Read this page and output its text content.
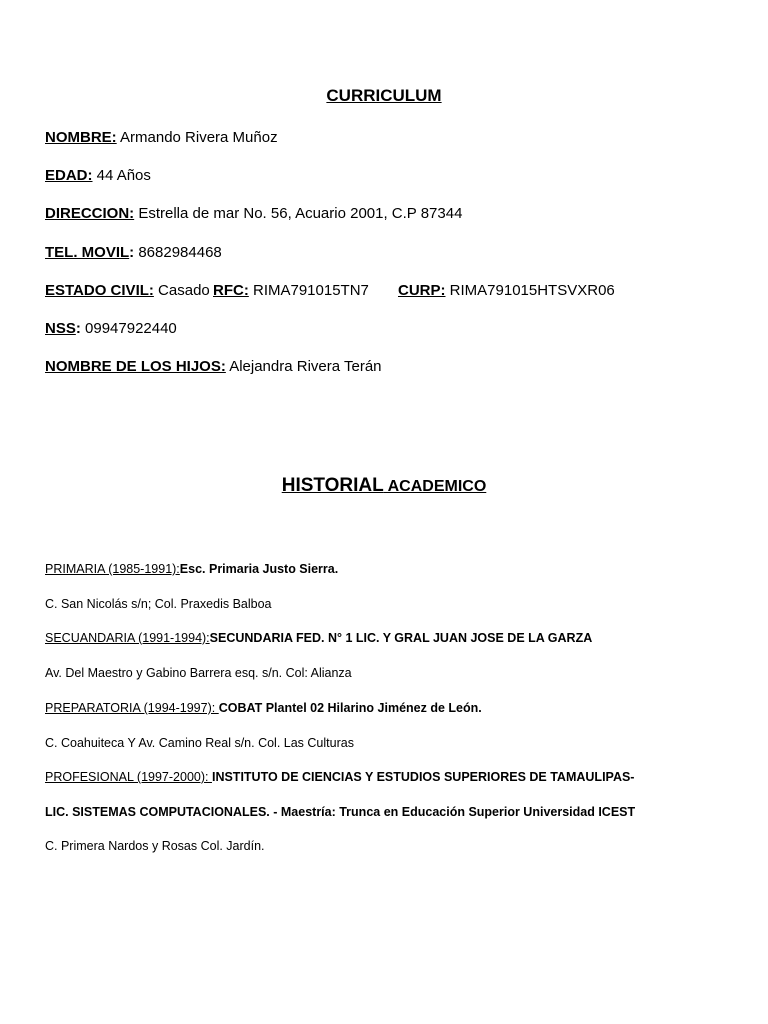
CURRICULUM
NOMBRE: Armando Rivera Muñoz
EDAD: 44 Años
DIRECCION: Estrella de mar No. 56, Acuario 2001, C.P 87344
TEL. MOVIL: 8682984468
ESTADO CIVIL: Casado RFC: RIMA791015TN7 CURP: RIMA791015HTSVXR06
NSS: 09947922440
NOMBRE DE LOS HIJOS: Alejandra Rivera Terán
HISTORIAL ACADEMICO
PRIMARIA (1985-1991):Esc. Primaria Justo Sierra.
C. San Nicolás s/n; Col. Praxedis Balboa
SECUANDARIA (1991-1994):SECUNDARIA FED. N° 1 LIC. Y GRAL JUAN JOSE DE LA GARZA
Av. Del Maestro y Gabino Barrera esq. s/n. Col: Alianza
PREPARATORIA (1994-1997): COBAT Plantel 02 Hilarino Jiménez de León.
C. Coahuiteca Y Av. Camino Real s/n. Col. Las Culturas
PROFESIONAL (1997-2000): INSTITUTO DE CIENCIAS Y ESTUDIOS SUPERIORES DE TAMAULIPAS-
LIC. SISTEMAS COMPUTACIONALES. - Maestría: Trunca en Educación Superior Universidad ICEST
C. Primera Nardos y Rosas Col. Jardín.
